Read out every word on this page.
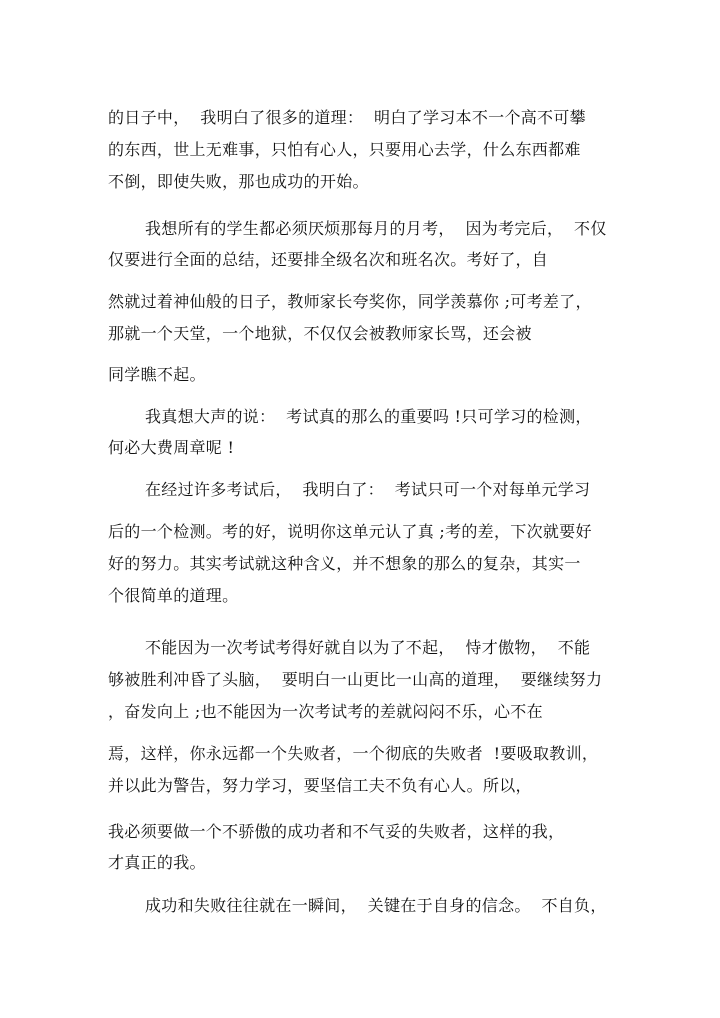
的日子中，  我明白了很多的道理：  明白了学习本不一个高不可攀
的东西，世上无难事，只怕有心人，只要用心去学，什么东西都难
不倒，即使失败，那也成功的开始。
我想所有的学生都必须厌烦那每月的月考，  因为考完后，  不仅
仅要进行全面的总结，还要排全级名次和班名次。考好了，自
然就过着神仙般的日子，教师家长夸奖你，同学羡慕你 ;可考差了，
那就一个天堂，一个地狱，不仅仅会被教师家长骂，还会被
同学瞧不起。
我真想大声的说：  考试真的那么的重要吗 !只可学习的检测，
何必大费周章呢 !
在经过许多考试后，  我明白了：  考试只可一个对每单元学习
后的一个检测。考的好，说明你这单元认了真 ;考的差，下次就要好
好的努力。其实考试就这种含义，并不想象的那么的复杂，其实一
个很简单的道理。
不能因为一次考试考得好就自以为了不起，  恃才傲物，  不能
够被胜利冲昏了头脑，  要明白一山更比一山高的道理，  要继续努力
，奋发向上 ;也不能因为一次考试考的差就闷闷不乐，心不在
焉，这样，你永远都一个失败者，一个彻底的失败者  !要吸取教训，
并以此为警告，努力学习，要坚信工夫不负有心人。所以，
我必须要做一个不骄傲的成功者和不气妥的失败者，这样的我，
才真正的我。
成功和失败往往就在一瞬间，  关键在于自身的信念。  不自负，
